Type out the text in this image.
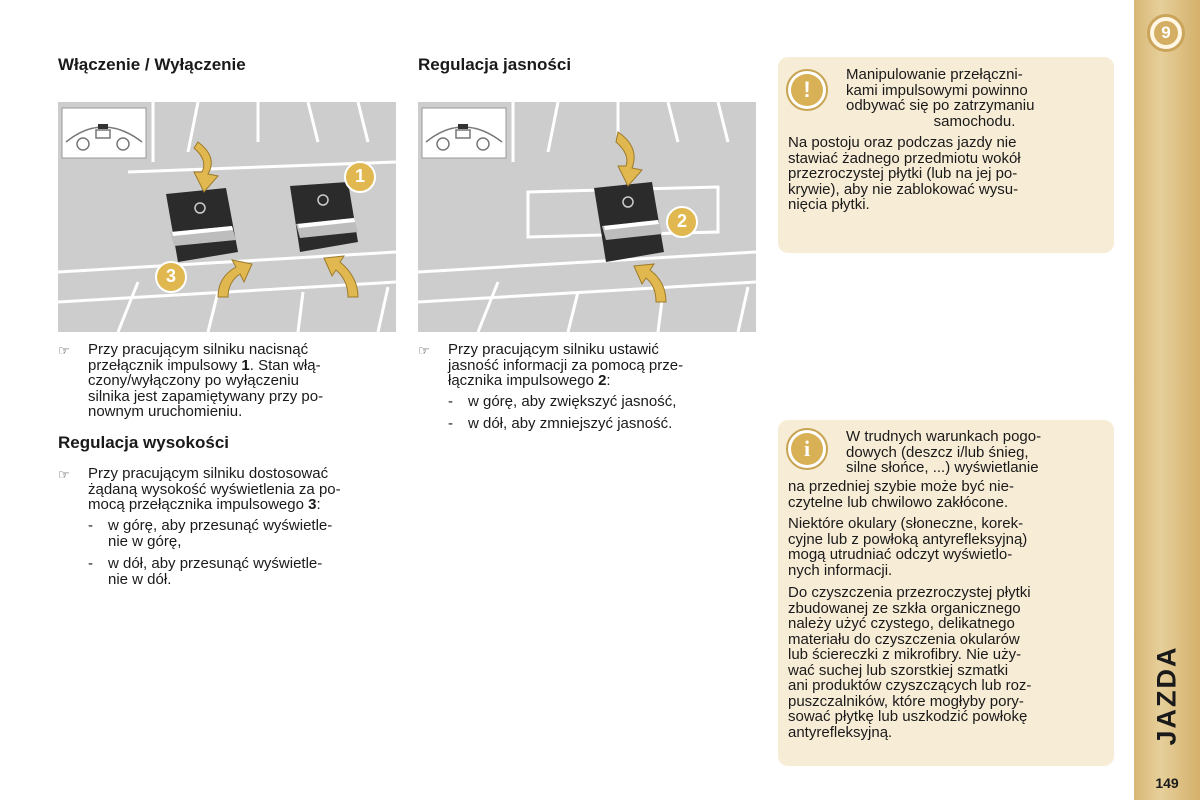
Włączenie / Wyłączenie
1
3
☞	Przy pracującym silniku nacisnąć
przełącznik impulsowy 1. Stan włą-
czony/wyłączony po wyłączeniu
silnika jest zapamiętywany przy po-
nownym uruchomieniu.
Regulacja wysokości
☞	Przy pracującym silniku dostosować
żądaną wysokość wyświetlenia za po-
mocą przełącznika impulsowego 3:
-	w górę, aby przesunąć wyświetle-
nie w górę,
-	w dół, aby przesunąć wyświetle-
nie w dół.
Regulacja jasności
2
☞	Przy pracującym silniku ustawić
jasność informacji za pomocą prze-
łącznika impulsowego 2:
-	w górę, aby zwiększyć jasność,
-	w dół, aby zmniejszyć jasność.
!
Manipulowanie przełączni-
kami impulsowymi powinno
odbywać się po zatrzymaniu
samochodu.
Na postoju oraz podczas jazdy nie
stawiać żadnego przedmiotu wokół
przezroczystej płytki (lub na jej po-
krywie), aby nie zablokować wysu-
nięcia płytki.
i	W trudnych warunkach pogo-
dowych (deszcz i/lub śnieg,
silne słońce, ...) wyświetlanie
na przedniej szybie może być nie-
czytelne lub chwilowo zakłócone.
Niektóre okulary (słoneczne, korek-
cyjne lub z powłoką antyrefleksyjną)
mogą utrudniać odczyt wyświetlo-
nych informacji.
Do czyszczenia przezroczystej płytki
zbudowanej ze szkła organicznego
należy użyć czystego, delikatnego
materiału do czyszczenia okularów
lub ściereczki z mikrofibry. Nie uży-
wać suchej lub szorstkiej szmatki
ani produktów czyszczących lub roz-
puszczalników, które mogłyby pory-
sować płytkę lub uszkodzić powłokę
antyrefleksyjną.
9
JAZDA
149
